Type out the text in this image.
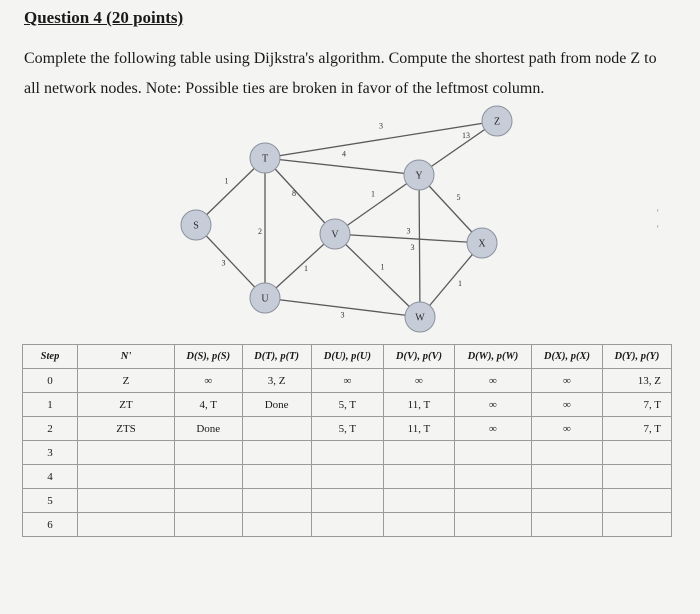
Question 4 (20 points)
Complete the following table using Dijkstra's algorithm. Compute the shortest path from node Z to all network nodes. Note: Possible ties are broken in favor of the leftmost column.
1
3
2
8
4
3
1
3
1
1
3
3
5
13
1
S
T
U
V
W
X
Y
Z
'
'
Step	N'	D(S), p(S)	D(T), p(T)	D(U), p(U)	D(V), p(V)	D(W), p(W)	D(X), p(X)	D(Y), p(Y)
0	Z	∞	3, Z	∞	∞	∞	∞	13, Z
1	ZT	4, T	Done	5, T	11, T	∞	∞	7, T
2	ZTS	Done		5, T	11, T	∞	∞	7, T
3								
4								
5								
6								
